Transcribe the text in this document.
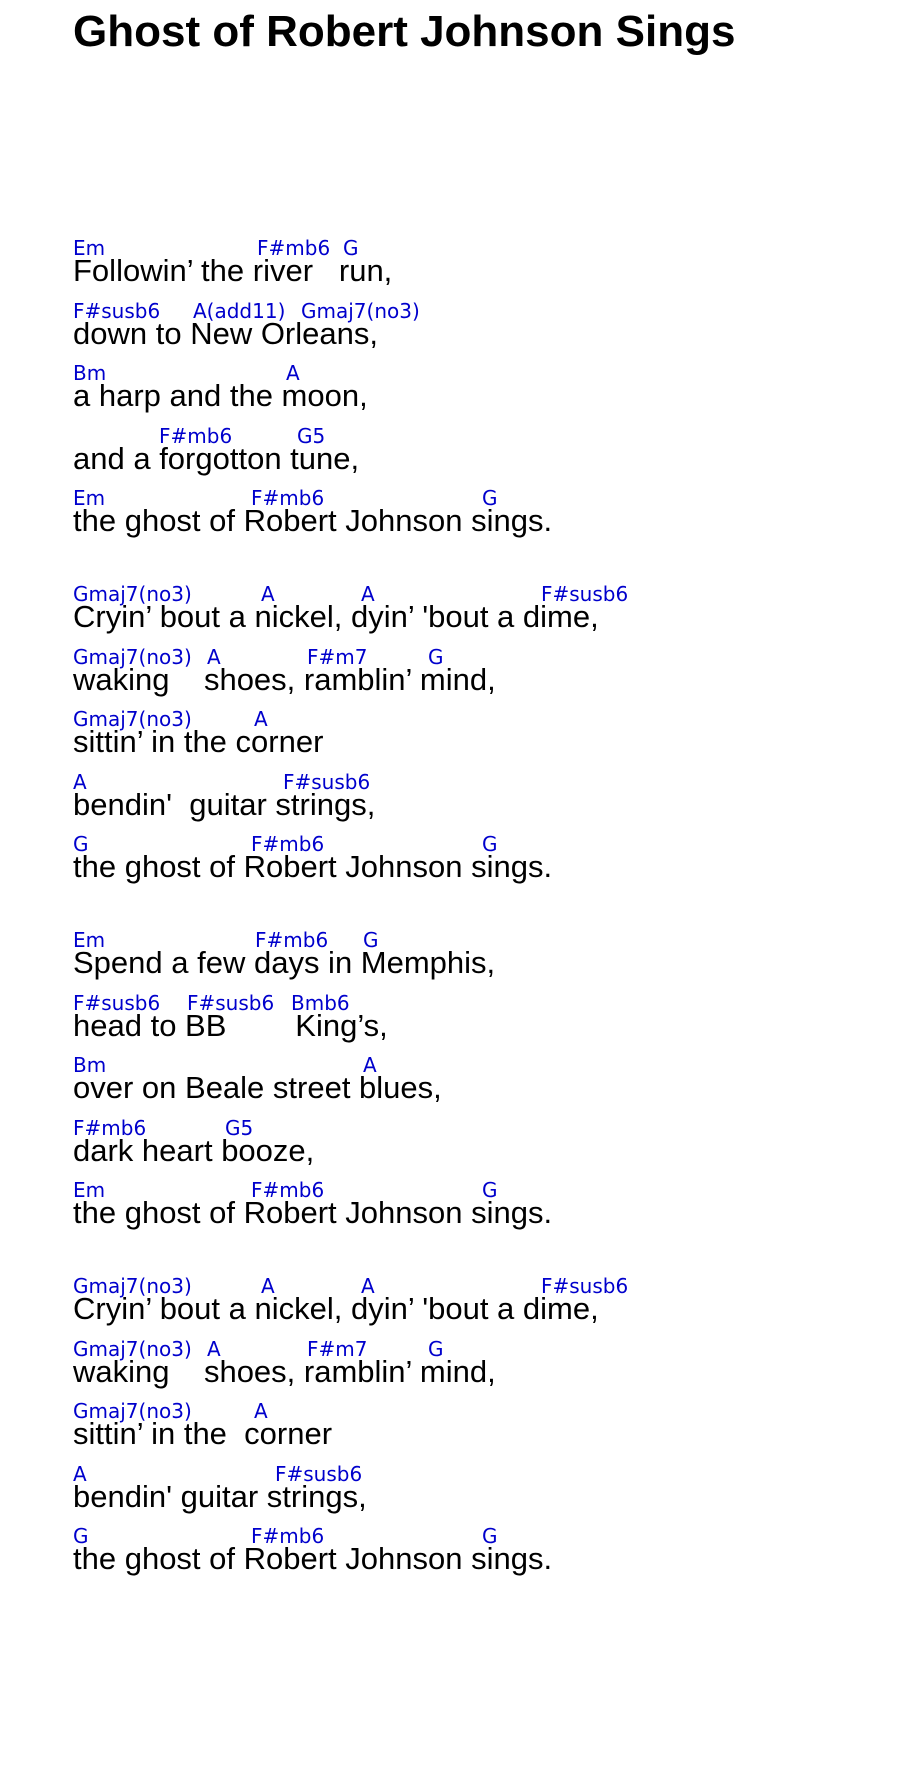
Ghost of Robert Johnson Sings
Em	F#mb6 G
Followin’ the river   run,
F#susb6 A(add11) Gmaj7(no3)
down to New Orleans,
Bm	A
a harp and the moon,
F#mb6	G5
and a forgotton tune,
Em	F#mb6	G
the ghost of Robert Johnson sings.
Gmaj7(no3)	A	A	F#susb6
Cryin’ bout a nickel, dyin’ 'bout a dime,
Gmaj7(no3) A	F#m7	G
waking    shoes, ramblin’ mind,
Gmaj7(no3)	A
sittin’ in the corner
A	F#susb6
bendin'  guitar strings,
G	F#mb6	G
the ghost of Robert Johnson sings.
Em	F#mb6 G
Spend a few days in Memphis,
F#susb6 F#susb6 Bmb6
head to BB        King’s,
Bm	A
over on Beale street blues,
F#mb6	G5
dark heart booze,
Em	F#mb6	G
the ghost of Robert Johnson sings.
Gmaj7(no3)	A	A	F#susb6
Cryin’ bout a nickel, dyin’ 'bout a dime,
Gmaj7(no3) A	F#m7	G
waking    shoes, ramblin’ mind,
Gmaj7(no3)	A
sittin’ in the  corner
A	F#susb6
bendin' guitar strings,
G	F#mb6	G
the ghost of Robert Johnson sings.
